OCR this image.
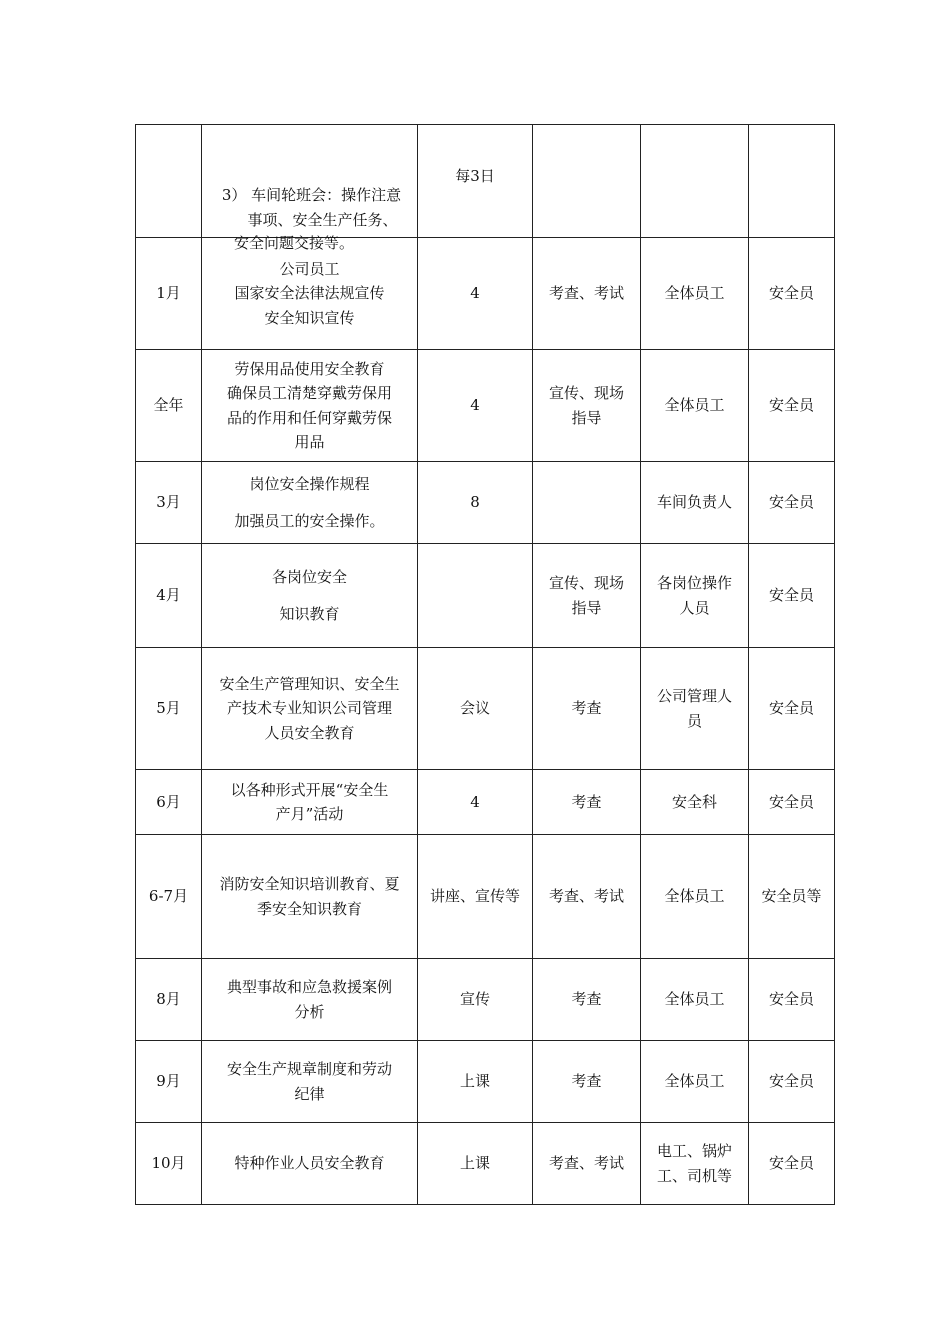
	3） 车间轮班会：操作注意
事项、安全生产任务、
安全问题交接等。	每3日			
1月	公司员工
国家安全法律法规宣传
安全知识宣传	4	考查、考试	全体员工	安全员
全年	劳保用品使用安全教育
确保员工清楚穿戴劳保用
品的作用和任何穿戴劳保
用品	4	宣传、现场
指导	全体员工	安全员
3月	岗位安全操作规程
加强员工的安全操作。	8		车间负责人	安全员
4月	各岗位安全
知识教育		宣传、现场
指导	各岗位操作
人员	安全员
5月	安全生产管理知识、安全生
产技术专业知识公司管理
人员安全教育	会议	考查	公司管理人
员	安全员
6月	以各种形式开展“安全生
产月”活动	4	考查	安全科	安全员
6-7月	消防安全知识培训教育、夏
季安全知识教育	讲座、宣传等	考查、考试	全体员工	安全员等
8月	典型事故和应急救援案例
分析	宣传	考查	全体员工	安全员
9月	安全生产规章制度和劳动
纪律	上课	考查	全体员工	安全员
10月	特种作业人员安全教育	上课	考查、考试	电工、锅炉
工、司机等	安全员
